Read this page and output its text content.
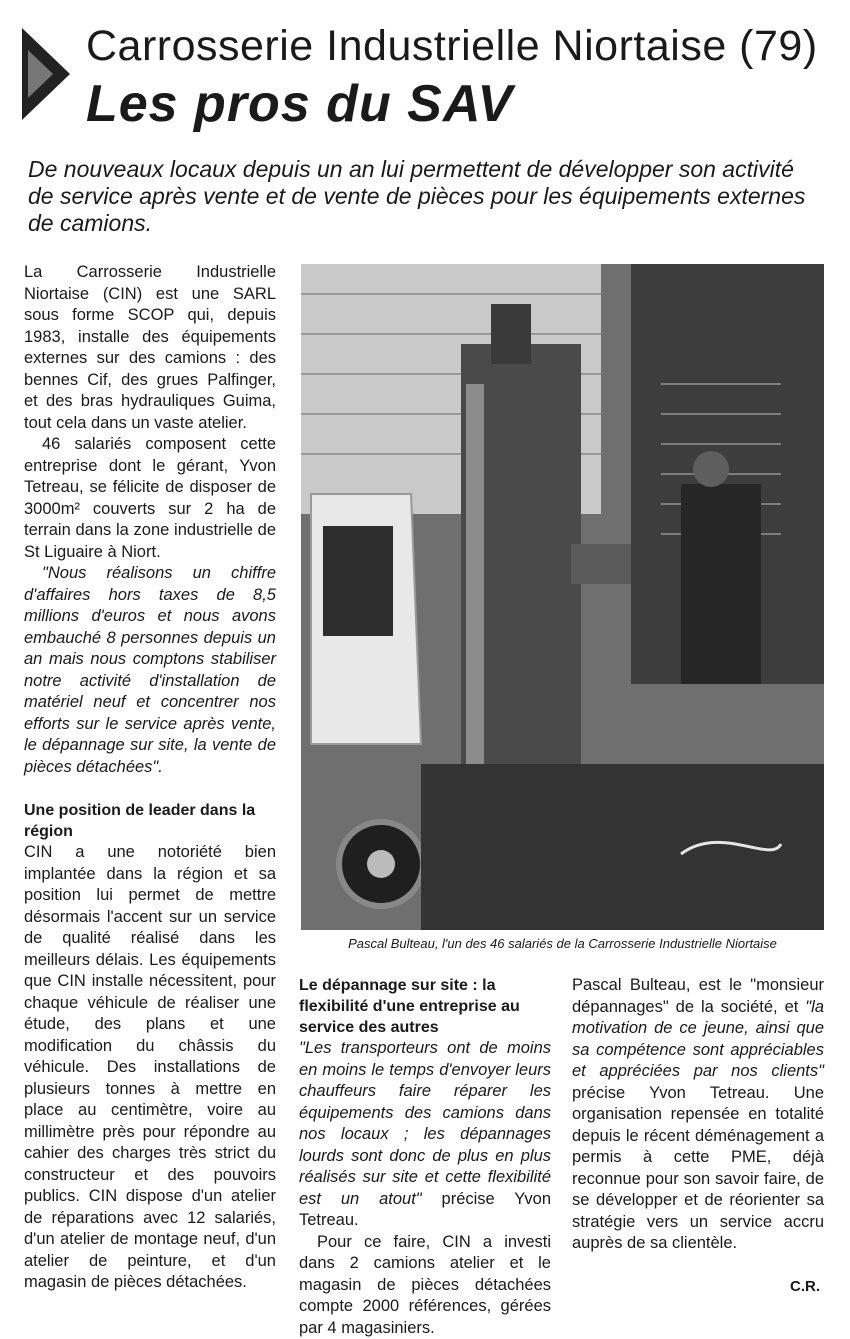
Carrosserie Industrielle Niortaise (79)
Les pros du SAV

De nouveaux locaux depuis un an lui permettent de développer son activité de service après vente et de vente de pièces pour les équipements externes de camions.

La Carrosserie Industrielle Niortaise (CIN) est une SARL sous forme SCOP qui, depuis 1983, installe des équipements externes sur des camions : des bennes Cif, des grues Palfinger, et des bras hydrauliques Guima, tout cela dans un vaste atelier.

46 salariés composent cette entreprise dont le gérant, Yvon Tetreau, se félicite de disposer de 3000m² couverts sur 2 ha de terrain dans la zone industrielle de St Liguaire à Niort.

"Nous réalisons un chiffre d'affaires hors taxes de 8,5 millions d'euros et nous avons embauché 8 personnes depuis un an mais nous comptons stabiliser notre activité d'installation de matériel neuf et concentrer nos efforts sur le service après vente, le dépannage sur site, la vente de pièces détachées".

Une position de leader dans la région

CIN a une notoriété bien implantée dans la région et sa position lui permet de mettre désormais l'accent sur un service de qualité réalisé dans les meilleurs délais. Les équipements que CIN installe nécessitent, pour chaque véhicule de réaliser une étude, des plans et une modification du châssis du véhicule. Des installations de plusieurs tonnes à mettre en place au centimètre, voire au millimètre près pour répondre au cahier des charges très strict du constructeur et des pouvoirs publics. CIN dispose d'un atelier de réparations avec 12 salariés, d'un atelier de montage neuf, d'un atelier de peinture, et d'un magasin de pièces détachées.

Pascal Bulteau, l'un des 46 salariés de la Carrosserie Industrielle Niortaise
Le dépannage sur site : la flexibilité d'une entreprise au service des autres

"Les transporteurs ont de moins en moins le temps d'envoyer leurs chauffeurs faire réparer les équipements des camions dans nos locaux ; les dépannages lourds sont donc de plus en plus réalisés sur site et cette flexibilité est un atout" précise Yvon Tetreau.

Pour ce faire, CIN a investi dans 2 camions atelier et le magasin de pièces détachées compte 2000 références, gérées par 4 magasiniers.

Pascal Bulteau, est le "monsieur dépannages" de la société, et "la motivation de ce jeune, ainsi que sa compétence sont appréciables et appréciées par nos clients" précise Yvon Tetreau. Une organisation repensée en totalité depuis le récent déménagement a permis à cette PME, déjà reconnue pour son savoir faire, de se développer et de réorienter sa stratégie vers un service accru auprès de sa clientèle.

C.R.
